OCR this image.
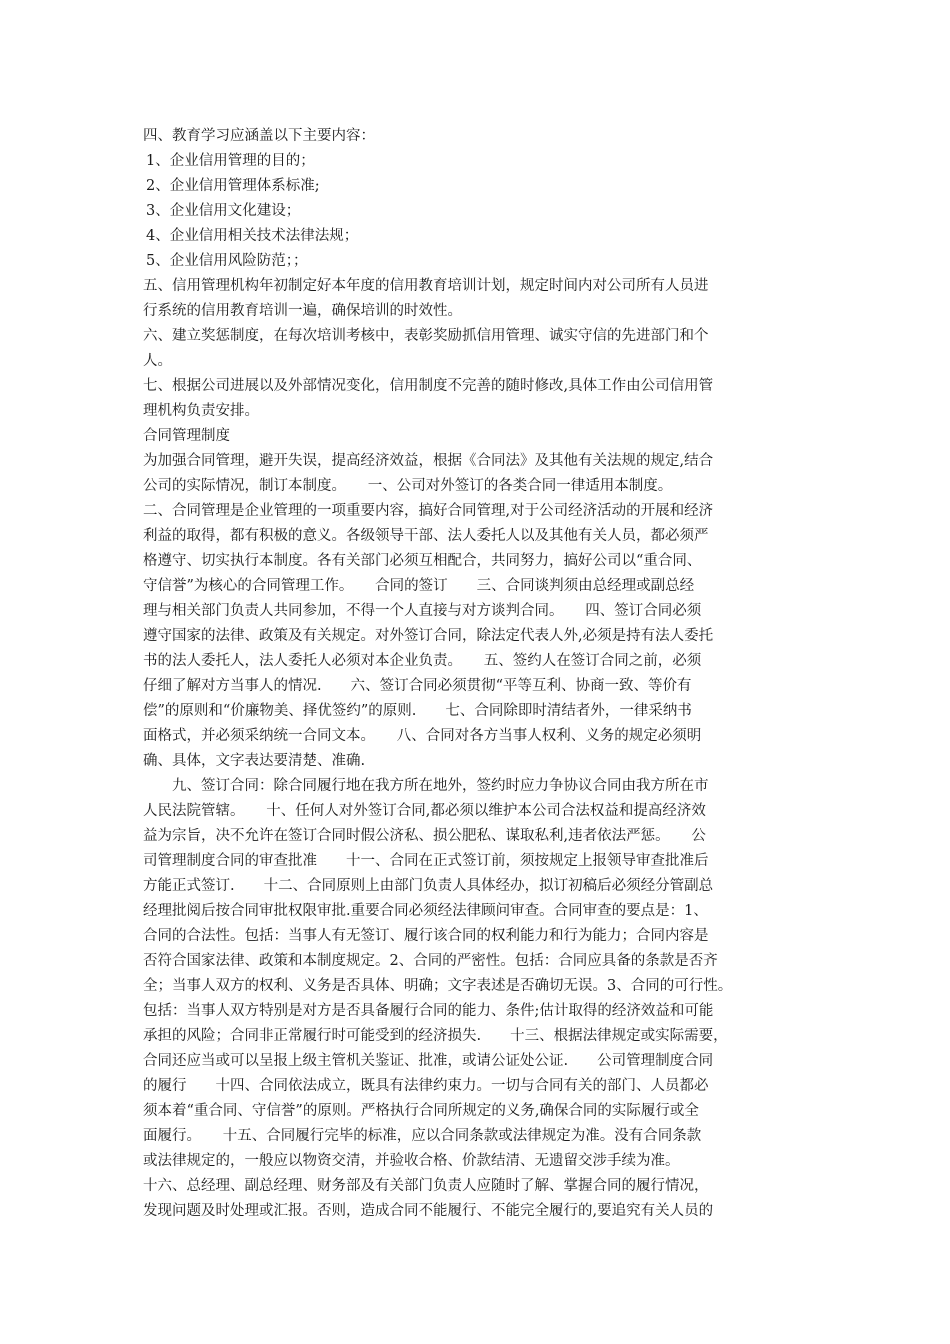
四、教育学习应涵盖以下主要内容：
1、企业信用管理的目的；
2、企业信用管理体系标准;
3、企业信用文化建设；
4、企业信用相关技术法律法规；
5、企业信用风险防范；；
五、信用管理机构年初制定好本年度的信用教育培训计划，规定时间内对公司所有人员进
行系统的信用教育培训一遍，确保培训的时效性。
六、建立奖惩制度，在每次培训考核中，表彰奖励抓信用管理、诚实守信的先进部门和个
人。
七、根据公司进展以及外部情况变化，信用制度不完善的随时修改,具体工作由公司信用管
理机构负责安排。
合同管理制度
为加强合同管理，避开失误，提高经济效益，根据《合同法》及其他有关法规的规定,结合
公司的实际情况，制订本制度。　　一、公司对外签订的各类合同一律适用本制度。
二、合同管理是企业管理的一项重要内容，搞好合同管理,对于公司经济活动的开展和经济
利益的取得，都有积极的意义。各级领导干部、法人委托人以及其他有关人员，都必须严
格遵守、切实执行本制度。各有关部门必须互相配合，共同努力，搞好公司以“重合同、
守信誉”为核心的合同管理工作。　　合同的签订　　三、合同谈判须由总经理或副总经
理与相关部门负责人共同参加，不得一个人直接与对方谈判合同。　　四、签订合同必须
遵守国家的法律、政策及有关规定。对外签订合同，除法定代表人外,必须是持有法人委托
书的法人委托人，法人委托人必须对本企业负责。　　五、签约人在签订合同之前，必须
仔细了解对方当事人的情况.　　六、签订合同必须贯彻“平等互利、协商一致、等价有
偿”的原则和“价廉物美、择优签约”的原则.　　七、合同除即时清结者外，一律采纳书
面格式，并必须采纳统一合同文本。　　八、合同对各方当事人权利、义务的规定必须明
确、具体，文字表达要清楚、准确.
　　九、签订合同：除合同履行地在我方所在地外，签约时应力争协议合同由我方所在市
人民法院管辖。　　十、任何人对外签订合同,都必须以维护本公司合法权益和提高经济效
益为宗旨，决不允许在签订合同时假公济私、损公肥私、谋取私利,违者依法严惩。　　公
司管理制度合同的审查批准　　十一、合同在正式签订前，须按规定上报领导审查批准后
方能正式签订.　　十二、合同原则上由部门负责人具体经办，拟订初稿后必须经分管副总
经理批阅后按合同审批权限审批.重要合同必须经法律顾问审查。合同审查的要点是：1、
合同的合法性。包括：当事人有无签订、履行该合同的权利能力和行为能力；合同内容是
否符合国家法律、政策和本制度规定。2、合同的严密性。包括：合同应具备的条款是否齐
全；当事人双方的权利、义务是否具体、明确；文字表述是否确切无误。3、合同的可行性。
包括：当事人双方特别是对方是否具备履行合同的能力、条件;估计取得的经济效益和可能
承担的风险；合同非正常履行时可能受到的经济损失.　　十三、根据法律规定或实际需要，
合同还应当或可以呈报上级主管机关鉴证、批准，或请公证处公证.　　公司管理制度合同
的履行　　十四、合同依法成立，既具有法律约束力。一切与合同有关的部门、人员都必
须本着“重合同、守信誉”的原则。严格执行合同所规定的义务,确保合同的实际履行或全
面履行。　　十五、合同履行完毕的标准，应以合同条款或法律规定为准。没有合同条款
或法律规定的，一般应以物资交清，并验收合格、价款结清、无遗留交涉手续为准。
十六、总经理、副总经理、财务部及有关部门负责人应随时了解、掌握合同的履行情况，
发现问题及时处理或汇报。否则，造成合同不能履行、不能完全履行的,要追究有关人员的
